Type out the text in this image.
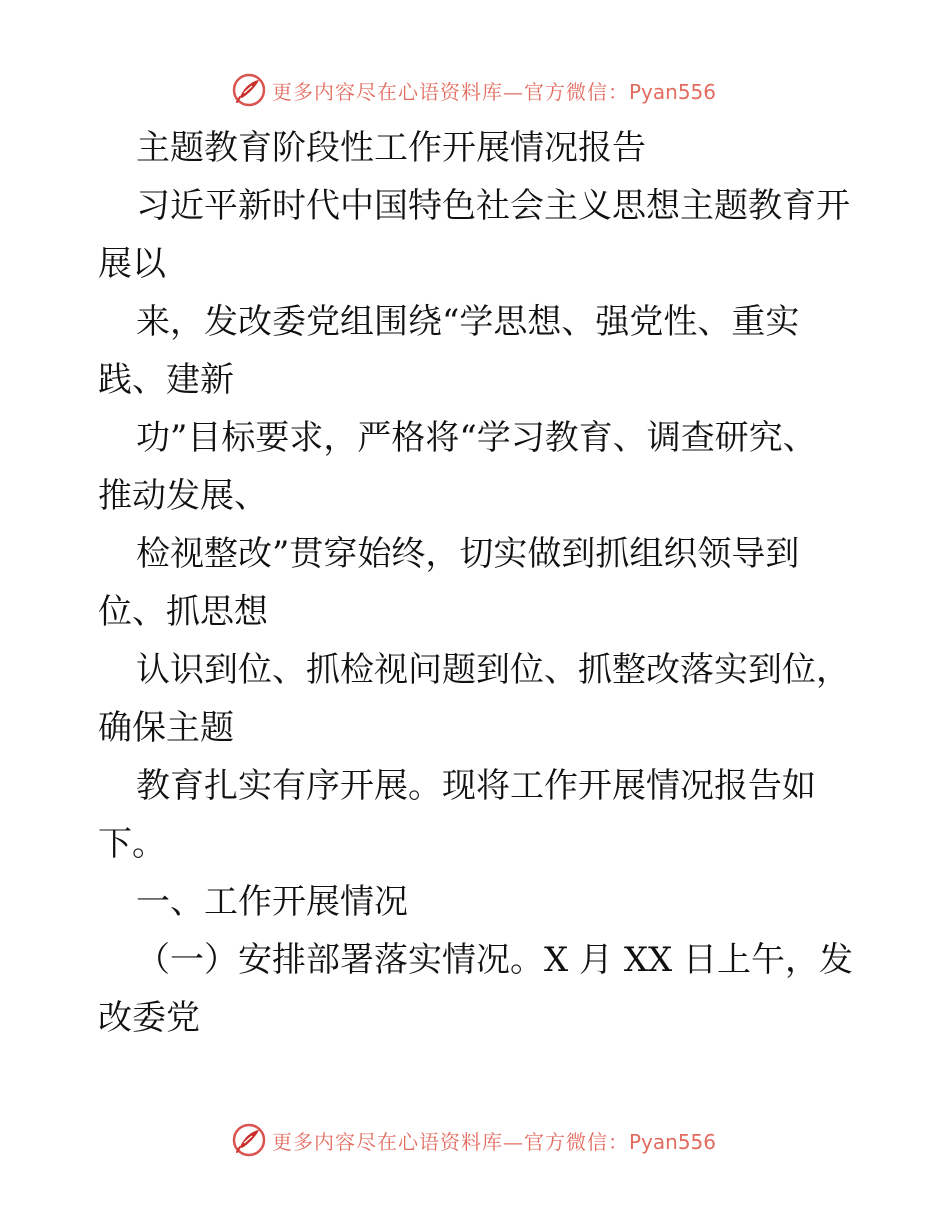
更多内容尽在心语资料库—官方微信：Pyan556
主题教育阶段性工作开展情况报告
习近平新时代中国特色社会主义思想主题教育开
展以
来，发改委党组围绕“学思想、强党性、重实
践、建新
功”目标要求，严格将“学习教育、调查研究、
推动发展、
检视整改”贯穿始终，切实做到抓组织领导到
位、抓思想
认识到位、抓检视问题到位、抓整改落实到位，
确保主题
教育扎实有序开展。现将工作开展情况报告如
下。
一、工作开展情况
（一）安排部署落实情况。X 月 XX 日上午，发
改委党
更多内容尽在心语资料库—官方微信：Pyan556
